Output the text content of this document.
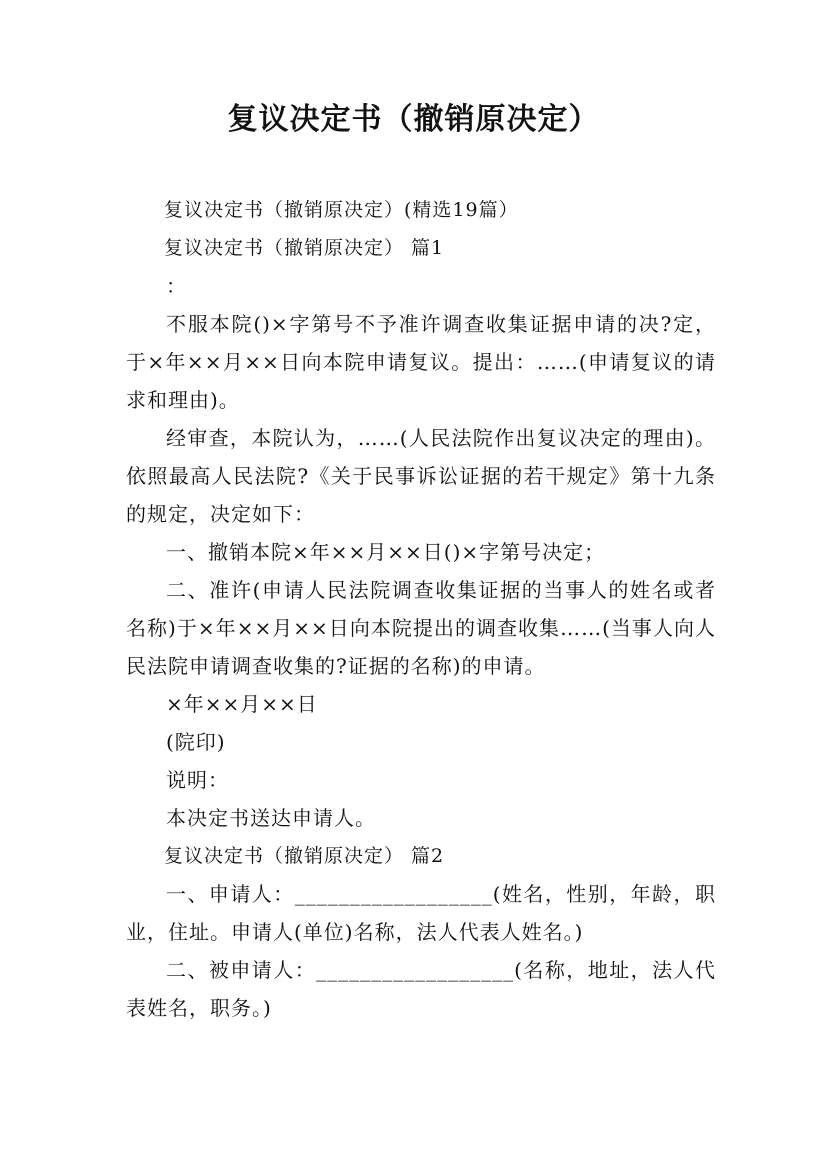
复议决定书（撤销原决定）

复议决定书（撤销原决定）(精选19篇）

复议决定书（撤销原决定） 篇1

：

不服本院()×字第号不予准许调查收集证据申请的决?定，于×年××月××日向本院申请复议。提出：……(申请复议的请求和理由)。

经审查，本院认为，……(人民法院作出复议决定的理由)。依照最高人民法院?《关于民事诉讼证据的若干规定》第十九条的规定，决定如下：

一、撤销本院×年××月××日()×字第号决定；

二、准许(申请人民法院调查收集证据的当事人的姓名或者名称)于×年××月××日向本院提出的调查收集……(当事人向人民法院申请调查收集的?证据的名称)的申请。

×年××月××日

(院印)

说明：

本决定书送达申请人。

复议决定书（撤销原决定） 篇2

一、申请人：__________________(姓名，性别，年龄，职业，住址。申请人(单位)名称，法人代表人姓名。)

二、被申请人：__________________(名称，地址，法人代表姓名，职务。)
